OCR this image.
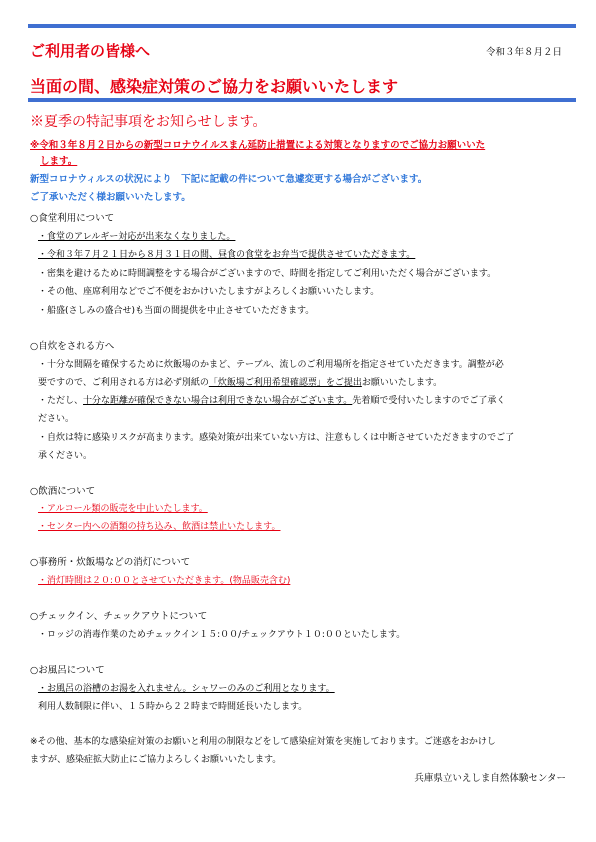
ご利用者の皆様へ	令和３年８月２日
当面の間、感染症対策のご協力をお願いいたします
※夏季の特記事項をお知らせします。
※令和３年８月２日からの新型コロナウイルスまん延防止措置による対策となりますのでご協力お願いいた
します。
新型コロナウィルスの状況により　下記に記載の件について急遽変更する場合がございます。
ご了承いただく様お願いいたします。
○食堂利用について
・食堂のアレルギー対応が出来なくなりました。
・令和３年７月２１日から８月３１日の間、昼食の食堂をお弁当で提供させていただきます。
・密集を避けるために時間調整をする場合がございますので、時間を指定してご利用いただく場合がございます。
・その他、座席利用などでご不便をおかけいたしますがよろしくお願いいたします。
・船盛(さしみの盛合せ)も当面の間提供を中止させていただきます。
○自炊をされる方へ
・十分な間隔を確保するために炊飯場のかまど、テーブル、流しのご利用場所を指定させていただきます。調整が必
要ですので、ご利用される方は必ず別紙の「炊飯場ご利用希望確認票」をご提出お願いいたします。
・ただし、十分な距離が確保できない場合は利用できない場合がございます。先着順で受付いたしますのでご了承く
ださい。
・自炊は特に感染リスクが高まります。感染対策が出来ていない方は、注意もしくは中断させていただきますのでご了
承ください。
○飲酒について
・アルコール類の販売を中止いたします。
・センター内への酒類の持ち込み、飲酒は禁止いたします。
○事務所・炊飯場などの消灯について
・消灯時間は２０:００とさせていただきます。(物品販売含む)
○チェックイン、チェックアウトについて
・ロッジの消毒作業のためチェックイン１５:００/チェックアウト１０:００といたします。
○お風呂について
・お風呂の浴槽のお湯を入れません。シャワーのみのご利用となります。
利用人数制限に伴い、１５時から２２時まで時間延長いたします。
※その他、基本的な感染症対策のお願いと利用の制限などをして感染症対策を実施しております。ご迷惑をおかけし
ますが、感染症拡大防止にご協力よろしくお願いいたします。
兵庫県立いえしま自然体験センター
